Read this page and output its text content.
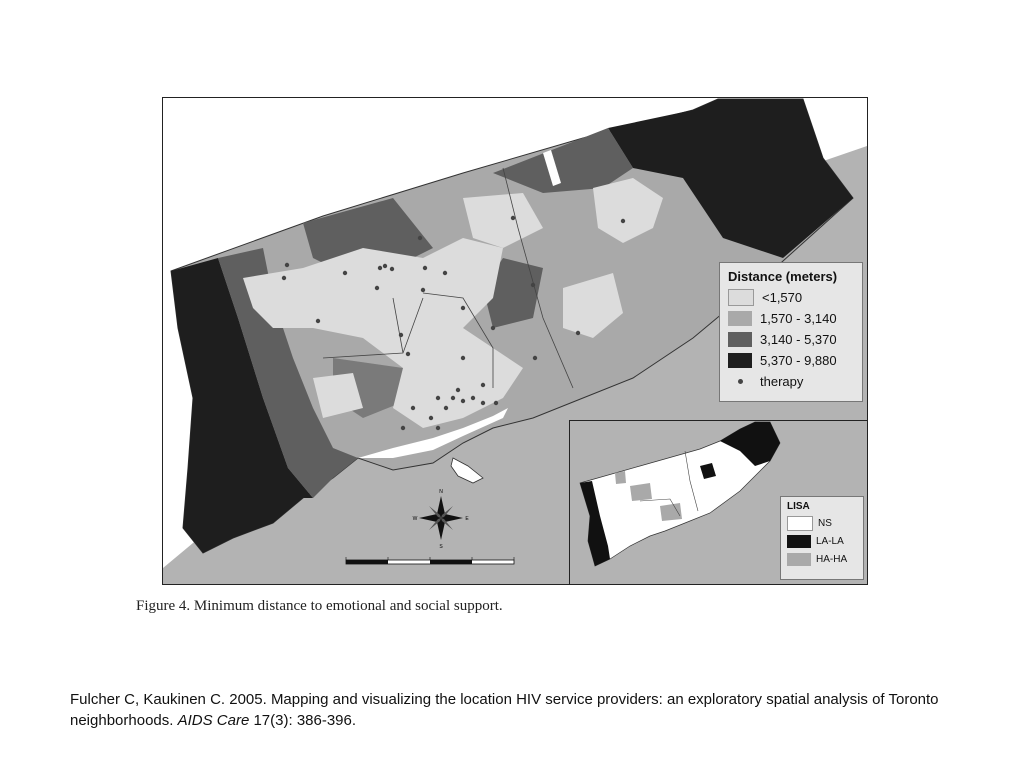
N
S
E
W
Distance (meters)
<1,570
1,570 - 3,140
3,140 - 5,370
5,370 - 9,880
therapy
LISA
NS
LA-LA
HA-HA
Figure 4. Minimum distance to emotional and social support.
Fulcher C, Kaukinen C. 2005. Mapping and visualizing the location HIV service providers: an exploratory spatial analysis of Toronto neighborhoods. AIDS Care 17(3): 386-396.
